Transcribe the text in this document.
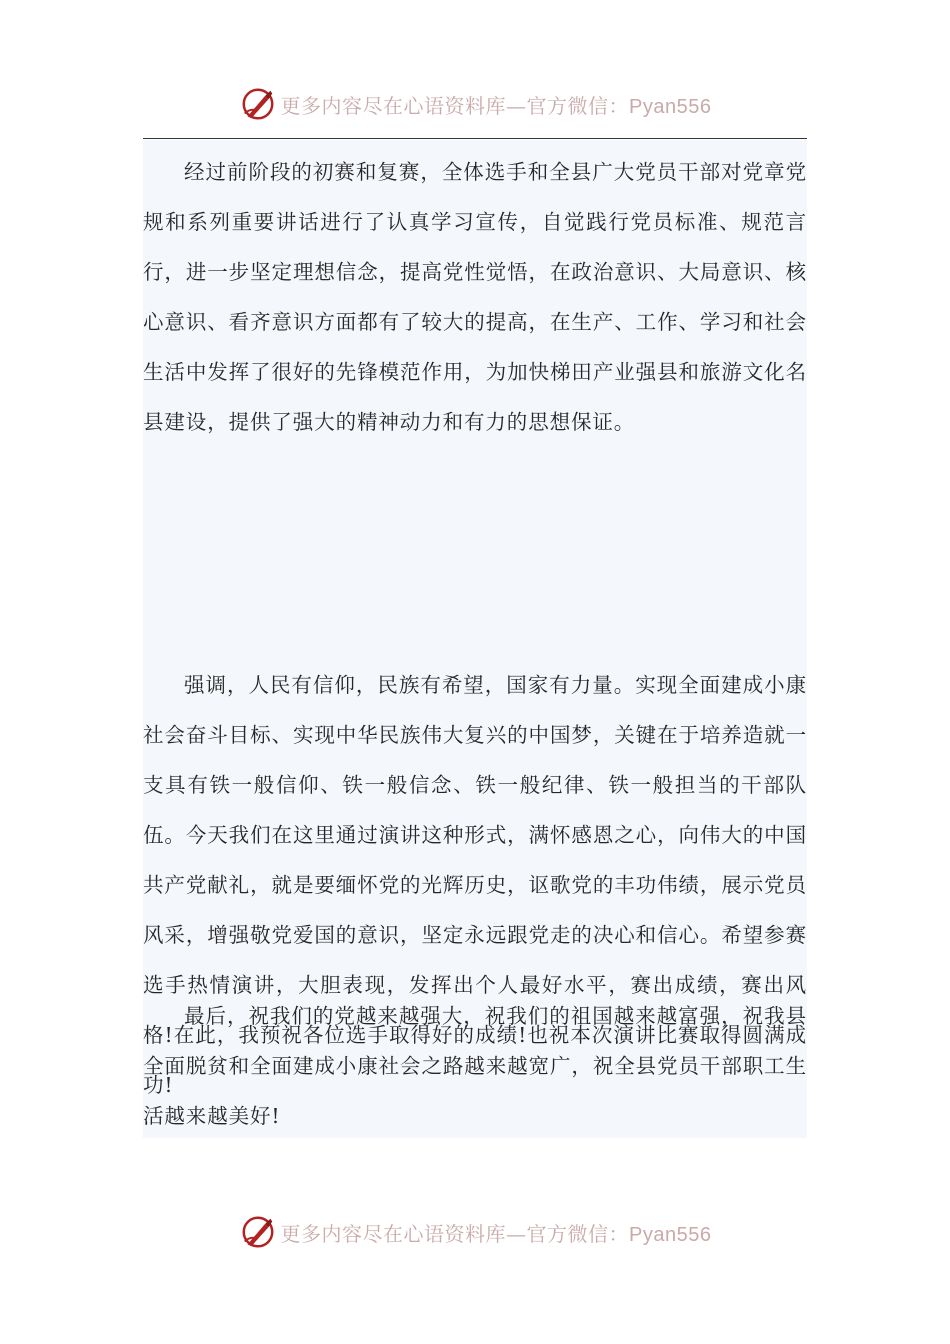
更多内容尽在心语资料库—官方微信：Pyan556

经过前阶段的初赛和复赛，全体选手和全县广大党员干部对党章党规和系列重要讲话进行了认真学习宣传，自觉践行党员标准、规范言行，进一步坚定理想信念，提高党性觉悟，在政治意识、大局意识、核心意识、看齐意识方面都有了较大的提高，在生产、工作、学习和社会生活中发挥了很好的先锋模范作用，为加快梯田产业强县和旅游文化名县建设，提供了强大的精神动力和有力的思想保证。

强调，人民有信仰，民族有希望，国家有力量。实现全面建成小康社会奋斗目标、实现中华民族伟大复兴的中国梦，关键在于培养造就一支具有铁一般信仰、铁一般信念、铁一般纪律、铁一般担当的干部队伍。今天我们在这里通过演讲这种形式，满怀感恩之心，向伟大的中国共产党献礼，就是要缅怀党的光辉历史，讴歌党的丰功伟绩，展示党员风采，增强敬党爱国的意识，坚定永远跟党走的决心和信心。希望参赛选手热情演讲，大胆表现，发挥出个人最好水平，赛出成绩，赛出风格!在此，我预祝各位选手取得好的成绩!也祝本次演讲比赛取得圆满成功!

最后，祝我们的党越来越强大，祝我们的祖国越来越富强，祝我县全面脱贫和全面建成小康社会之路越来越宽广，祝全县党员干部职工生活越来越美好!

更多内容尽在心语资料库—官方微信：Pyan556
